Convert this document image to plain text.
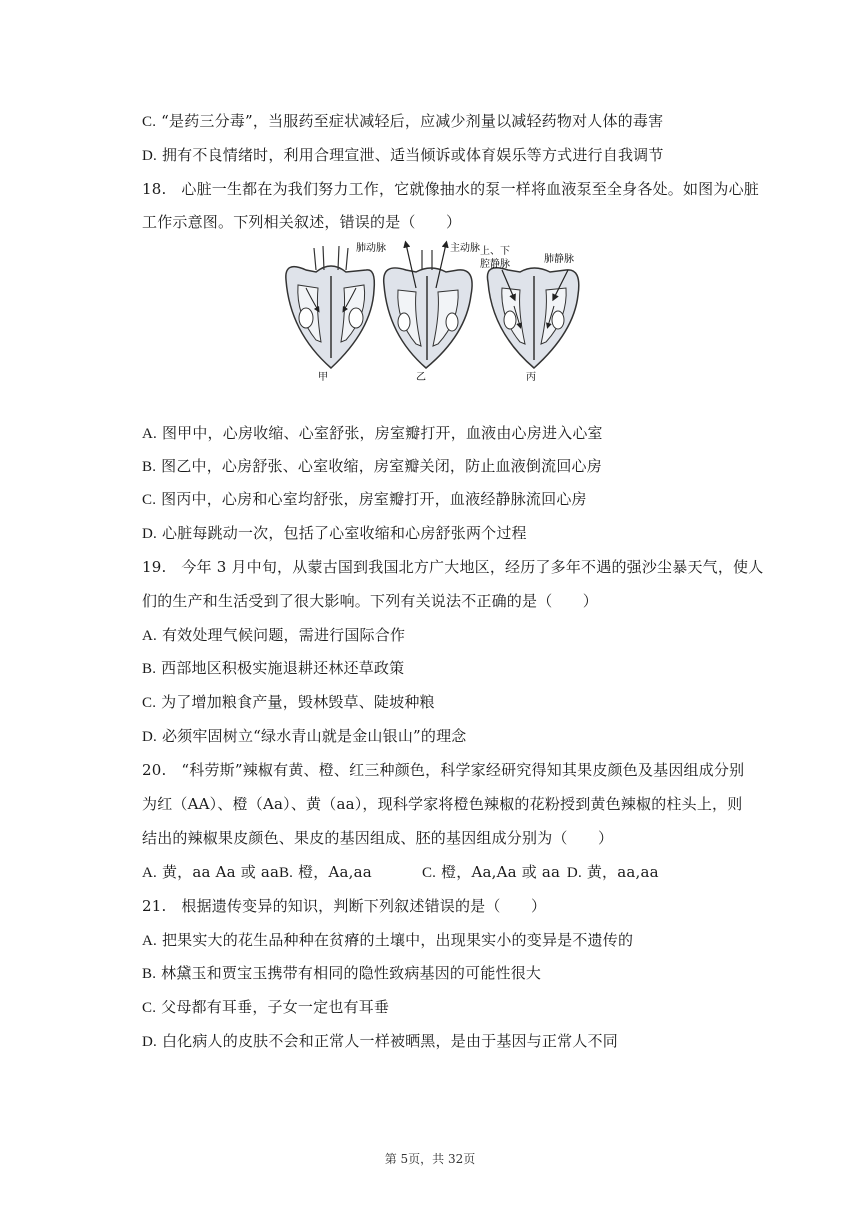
C. “是药三分毒”，当服药至症状减轻后，应减少剂量以减轻药物对人体的毒害
D. 拥有不良情绪时，利用合理宣泄、适当倾诉或体育娱乐等方式进行自我调节
18. 心脏一生都在为我们努力工作，它就像抽水的泵一样将血液泵至全身各处。如图为心脏
工作示意图。下列相关叙述，错误的是（　　）
肺动脉	主动脉 上、下
腔静脉	肺静脉
甲	乙	丙
A. 图甲中，心房收缩、心室舒张，房室瓣打开，血液由心房进入心室
B. 图乙中，心房舒张、心室收缩，房室瓣关闭，防止血液倒流回心房
C. 图丙中，心房和心室均舒张，房室瓣打开，血液经静脉流回心房
D. 心脏每跳动一次，包括了心室收缩和心房舒张两个过程
19. 今年 3 月中旬，从蒙古国到我国北方广大地区，经历了多年不遇的强沙尘暴天气，使人
们的生产和生活受到了很大影响。下列有关说法不正确的是（　　）
A. 有效处理气候问题，需进行国际合作
B. 西部地区积极实施退耕还林还草政策
C. 为了增加粮食产量，毁林毁草、陡坡种粮
D. 必须牢固树立“绿水青山就是金山银山”的理念
20. “科劳斯”辣椒有黄、橙、红三种颜色，科学家经研究得知其果皮颜色及基因组成分别
为红（AA）、橙（Aa）、黄（aa），现科学家将橙色辣椒的花粉授到黄色辣椒的柱头上，则
结出的辣椒果皮颜色、果皮的基因组成、胚的基因组成分别为（　　）
A. 黄，aa Aa 或 aa B. 橙，Aa,aa	C. 橙，Aa,Aa 或 aa D. 黄，aa,aa
21. 根据遗传变异的知识，判断下列叙述错误的是（　　）
A. 把果实大的花生品种种在贫瘠的土壤中，出现果实小的变异是不遗传的
B. 林黛玉和贾宝玉携带有相同的隐性致病基因的可能性很大
C. 父母都有耳垂，子女一定也有耳垂
D. 白化病人的皮肤不会和正常人一样被晒黑，是由于基因与正常人不同
第 5页，共 32页
